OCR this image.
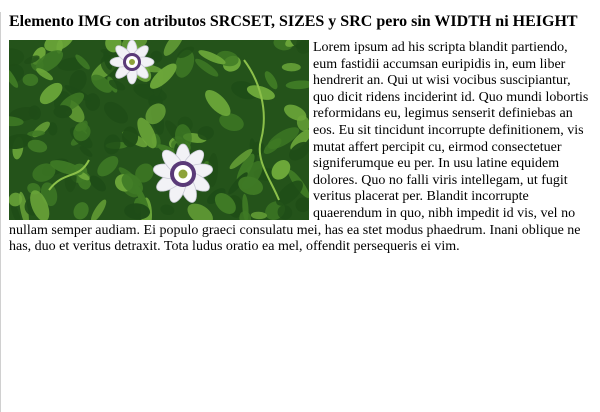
Elemento IMG con atributos SRCSET, SIZES y SRC pero sin WIDTH ni HEIGHT

Lorem ipsum ad his scripta blandit partiendo, eum fastidii accumsan euripidis in, eum liber hendrerit an. Qui ut wisi vocibus suscipiantur, quo dicit ridens inciderint id. Quo mundi lobortis reformidans eu, legimus senserit definiebas an eos. Eu sit tincidunt incorrupte definitionem, vis mutat affert percipit cu, eirmod consectetuer signiferumque eu per. In usu latine equidem dolores. Quo no falli viris intellegam, ut fugit veritus placerat per. Blandit incorrupte quaerendum in quo, nibh impedit id vis, vel no nullam semper audiam. Ei populo graeci consulatu mei, has ea stet modus phaedrum. Inani oblique ne has, duo et veritus detraxit. Tota ludus oratio ea mel, offendit persequeris ei vim.
